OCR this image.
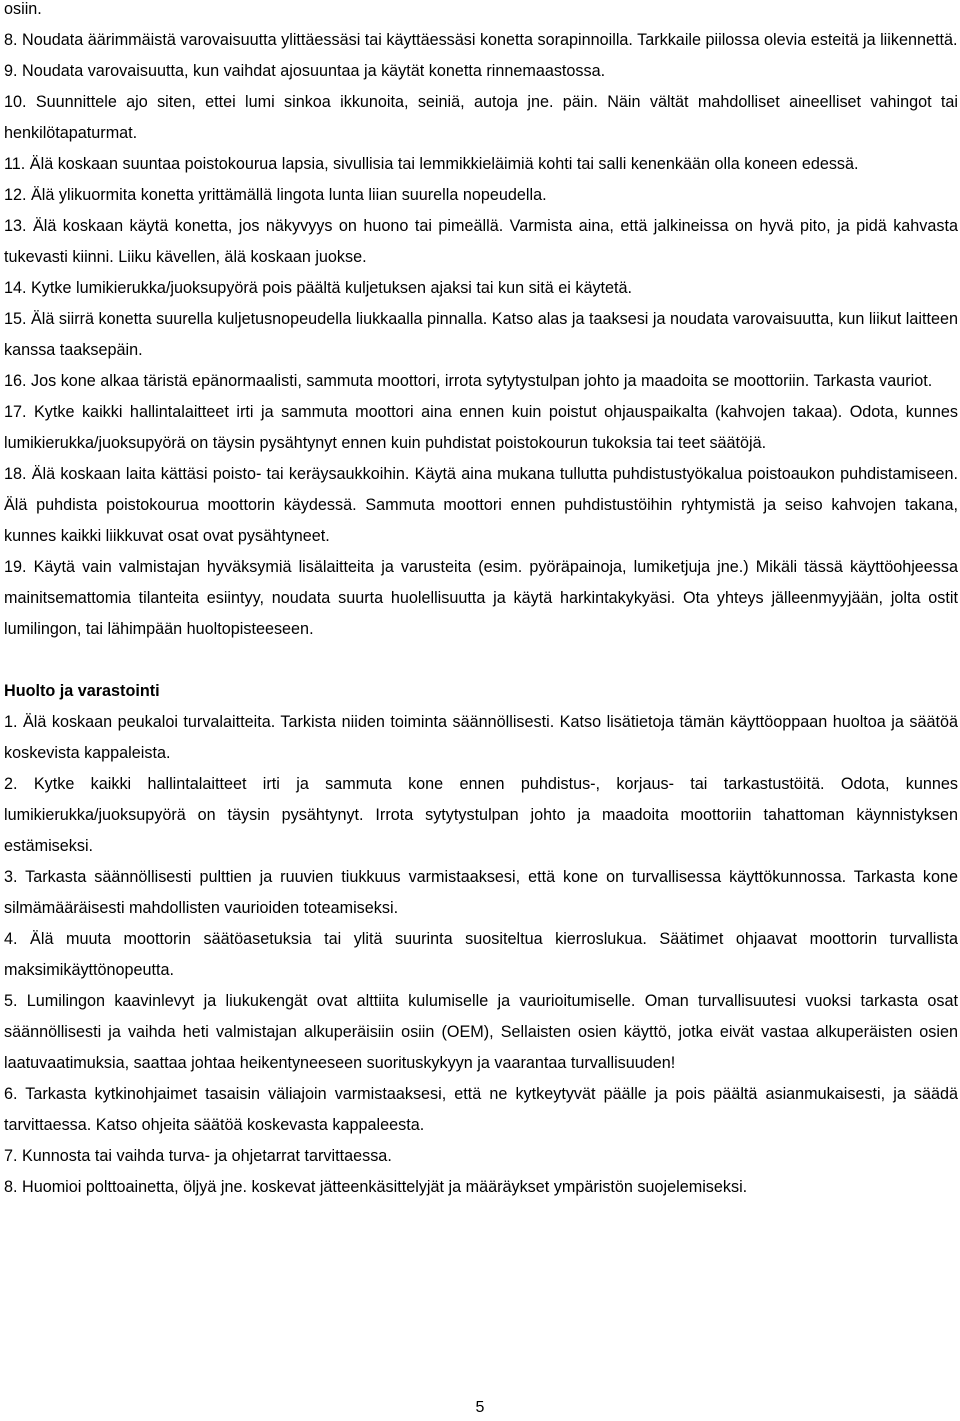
osiin.

8. Noudata äärimmäistä varovaisuutta ylittäessäsi tai käyttäessäsi konetta sorapinnoilla. Tarkkaile piilossa olevia esteitä ja liikennettä.

9. Noudata varovaisuutta, kun vaihdat ajosuuntaa ja käytät konetta rinnemaastossa.

10. Suunnittele ajo siten, ettei lumi sinkoa ikkunoita, seiniä, autoja jne. päin. Näin vältät mahdolliset aineelliset vahingot tai henkilötapaturmat.

11. Älä koskaan suuntaa poistokourua lapsia, sivullisia tai lemmikkieläimiä kohti tai salli kenenkään olla koneen edessä.

12. Älä ylikuormita konetta yrittämällä lingota lunta liian suurella nopeudella.

13. Älä koskaan käytä konetta, jos näkyvyys on huono tai pimeällä. Varmista aina, että jalkineissa on hyvä pito, ja pidä kahvasta tukevasti kiinni. Liiku kävellen, älä koskaan juokse.

14. Kytke lumikierukka/juoksupyörä pois päältä kuljetuksen ajaksi tai kun sitä ei käytetä.

15. Älä siirrä konetta suurella kuljetusnopeudella liukkaalla pinnalla. Katso alas ja taaksesi ja noudata varovaisuutta, kun liikut laitteen kanssa taaksepäin.

16. Jos kone alkaa täristä epänormaalisti, sammuta moottori, irrota sytytystulpan johto ja maadoita se moottoriin. Tarkasta vauriot.

17. Kytke kaikki hallintalaitteet irti ja sammuta moottori aina ennen kuin poistut ohjauspaikalta (kahvojen takaa). Odota, kunnes lumikierukka/juoksupyörä on täysin pysähtynyt ennen kuin puhdistat poistokourun tukoksia tai teet säätöjä.

18. Älä koskaan laita kättäsi poisto- tai keräysaukkoihin. Käytä aina mukana tullutta puhdistustyökalua poistoaukon puhdistamiseen. Älä puhdista poistokourua moottorin käydessä. Sammuta moottori ennen puhdistustöihin ryhtymistä ja seiso kahvojen takana, kunnes kaikki liikkuvat osat ovat pysähtyneet.

19. Käytä vain valmistajan hyväksymiä lisälaitteita ja varusteita (esim. pyöräpainoja, lumiketjuja jne.) Mikäli tässä käyttöohjeessa mainitsemattomia tilanteita esiintyy, noudata suurta huolellisuutta ja käytä harkintakykyäsi. Ota yhteys jälleenmyyjään, jolta ostit lumilingon, tai lähimpään huoltopisteeseen.

Huolto ja varastointi

1. Älä koskaan peukaloi turvalaitteita. Tarkista niiden toiminta säännöllisesti. Katso lisätietoja tämän käyttöoppaan huoltoa ja säätöä koskevista kappaleista.

2. Kytke kaikki hallintalaitteet irti ja sammuta kone ennen puhdistus-, korjaus- tai tarkastustöitä. Odota, kunnes lumikierukka/juoksupyörä on täysin pysähtynyt. Irrota sytytystulpan johto ja maadoita moottoriin tahattoman käynnistyksen estämiseksi.

3. Tarkasta säännöllisesti pulttien ja ruuvien tiukkuus varmistaaksesi, että kone on turvallisessa käyttökunnossa. Tarkasta kone silmämääräisesti mahdollisten vaurioiden toteamiseksi.

4. Älä muuta moottorin säätöasetuksia tai ylitä suurinta suositeltua kierroslukua. Säätimet ohjaavat moottorin turvallista maksimikäyttönopeutta.

5. Lumilingon kaavinlevyt ja liukukengät ovat alttiita kulumiselle ja vaurioitumiselle. Oman turvallisuutesi vuoksi tarkasta osat säännöllisesti ja vaihda heti valmistajan alkuperäisiin osiin (OEM), Sellaisten osien käyttö, jotka eivät vastaa alkuperäisten osien laatuvaatimuksia, saattaa johtaa heikentyneeseen suorituskykyyn ja vaarantaa turvallisuuden!

6. Tarkasta kytkinohjaimet tasaisin väliajoin varmistaaksesi, että ne kytkeytyvät päälle ja pois päältä asianmukaisesti, ja säädä tarvittaessa. Katso ohjeita säätöä koskevasta kappaleesta.

7. Kunnosta tai vaihda turva- ja ohjetarrat tarvittaessa.

8. Huomioi polttoainetta, öljyä jne. koskevat jätteenkäsittelyjät ja määräykset ympäristön suojelemiseksi.

5
